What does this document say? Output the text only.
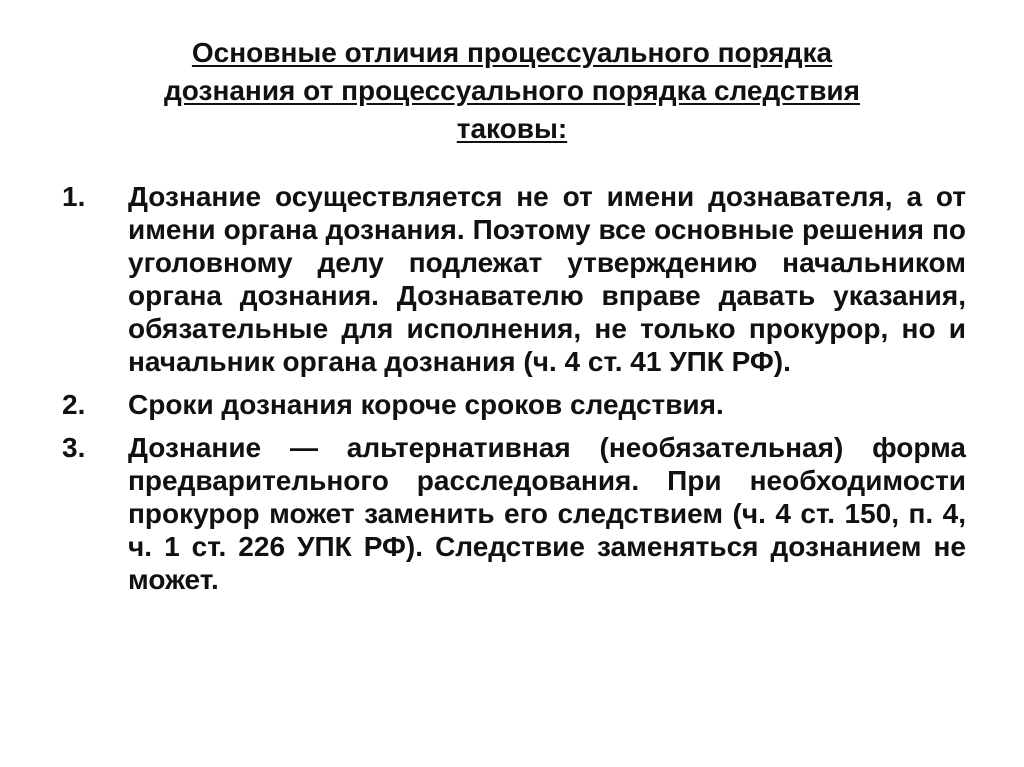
Основные отличия процессуального порядка
дознания от процессуального порядка следствия
таковы:
1.	Дознание осуществляется не от имени дознавателя, а от имени органа дознания. Поэтому все основные решения по уголовному делу подлежат утверждению начальником органа дознания. Дознавателю вправе давать указания, обязательные для исполнения, не только прокурор, но и начальник органа дознания (ч. 4 ст. 41 УПК РФ).
2.	Сроки дознания короче сроков следствия.
3.	Дознание — альтернативная (необязательная) форма предварительного расследования. При необходимости прокурор может заменить его следствием (ч. 4 ст. 150, п. 4, ч. 1 ст. 226 УПК РФ). Следствие заменяться дознанием не может.
